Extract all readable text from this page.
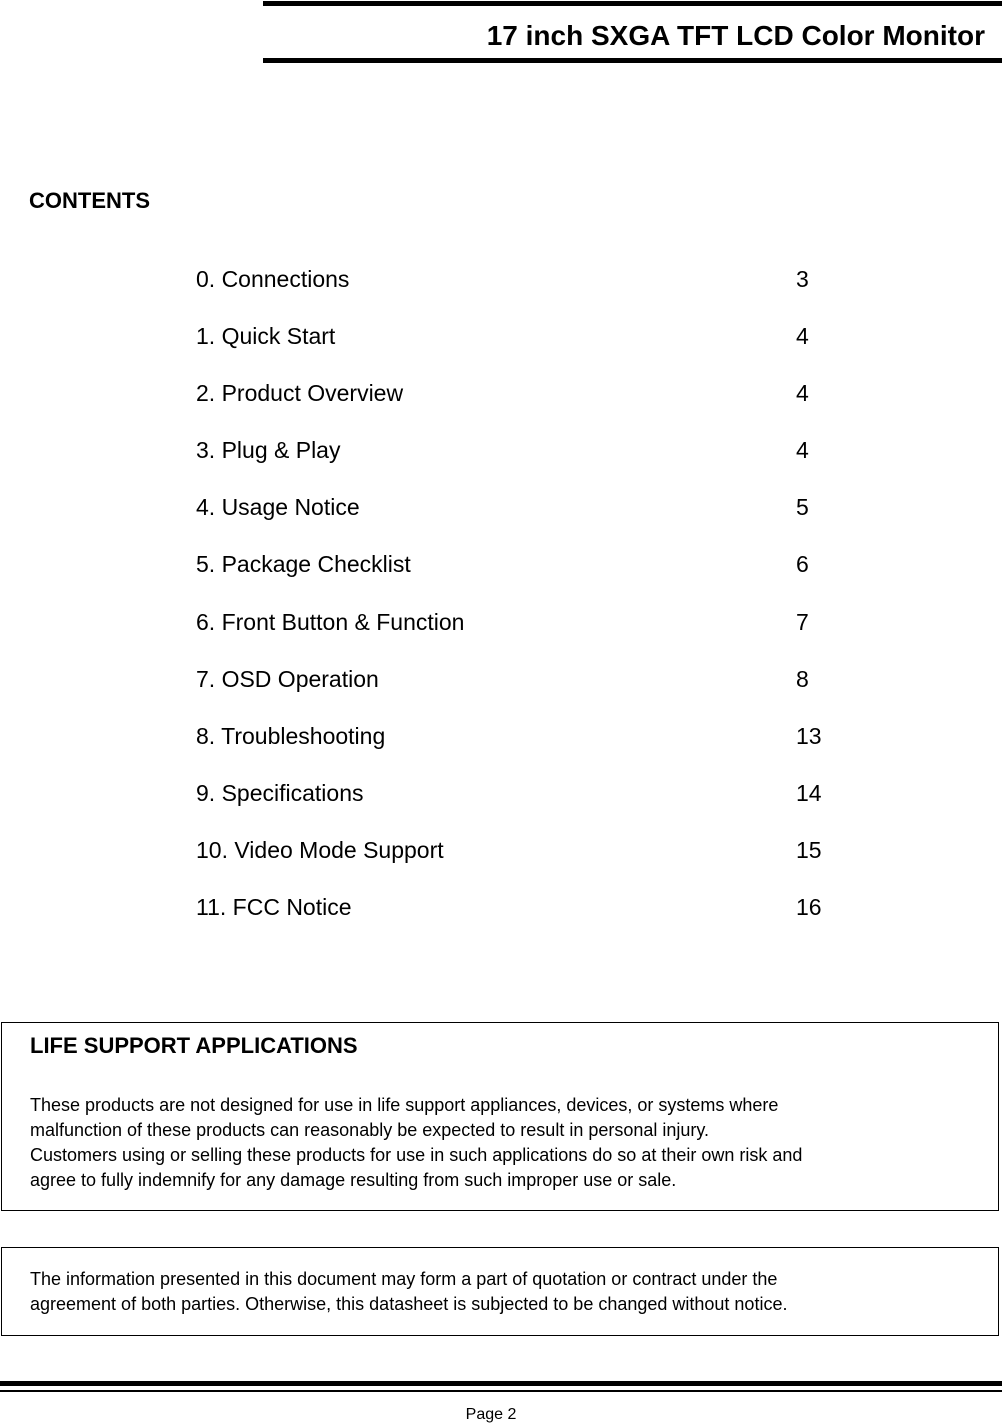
17 inch SXGA TFT LCD Color Monitor
CONTENTS
0. Connections	3
1. Quick Start	4
2. Product Overview	4
3. Plug & Play	4
4. Usage Notice	5
5. Package Checklist	6
6. Front Button & Function	7
7. OSD Operation	8
8. Troubleshooting	13
9. Specifications	14
10. Video Mode Support	15
11. FCC Notice	16
LIFE SUPPORT APPLICATIONS
These products are not designed for use in life support appliances, devices, or systems where
malfunction of these products can reasonably be expected to result in personal injury.
Customers using or selling these products for use in such applications do so at their own risk and
agree to fully indemnify for any damage resulting from such improper use or sale.
The information presented in this document may form a part of quotation or contract under the
agreement of both parties. Otherwise, this datasheet is subjected to be changed without notice.
Page 2
